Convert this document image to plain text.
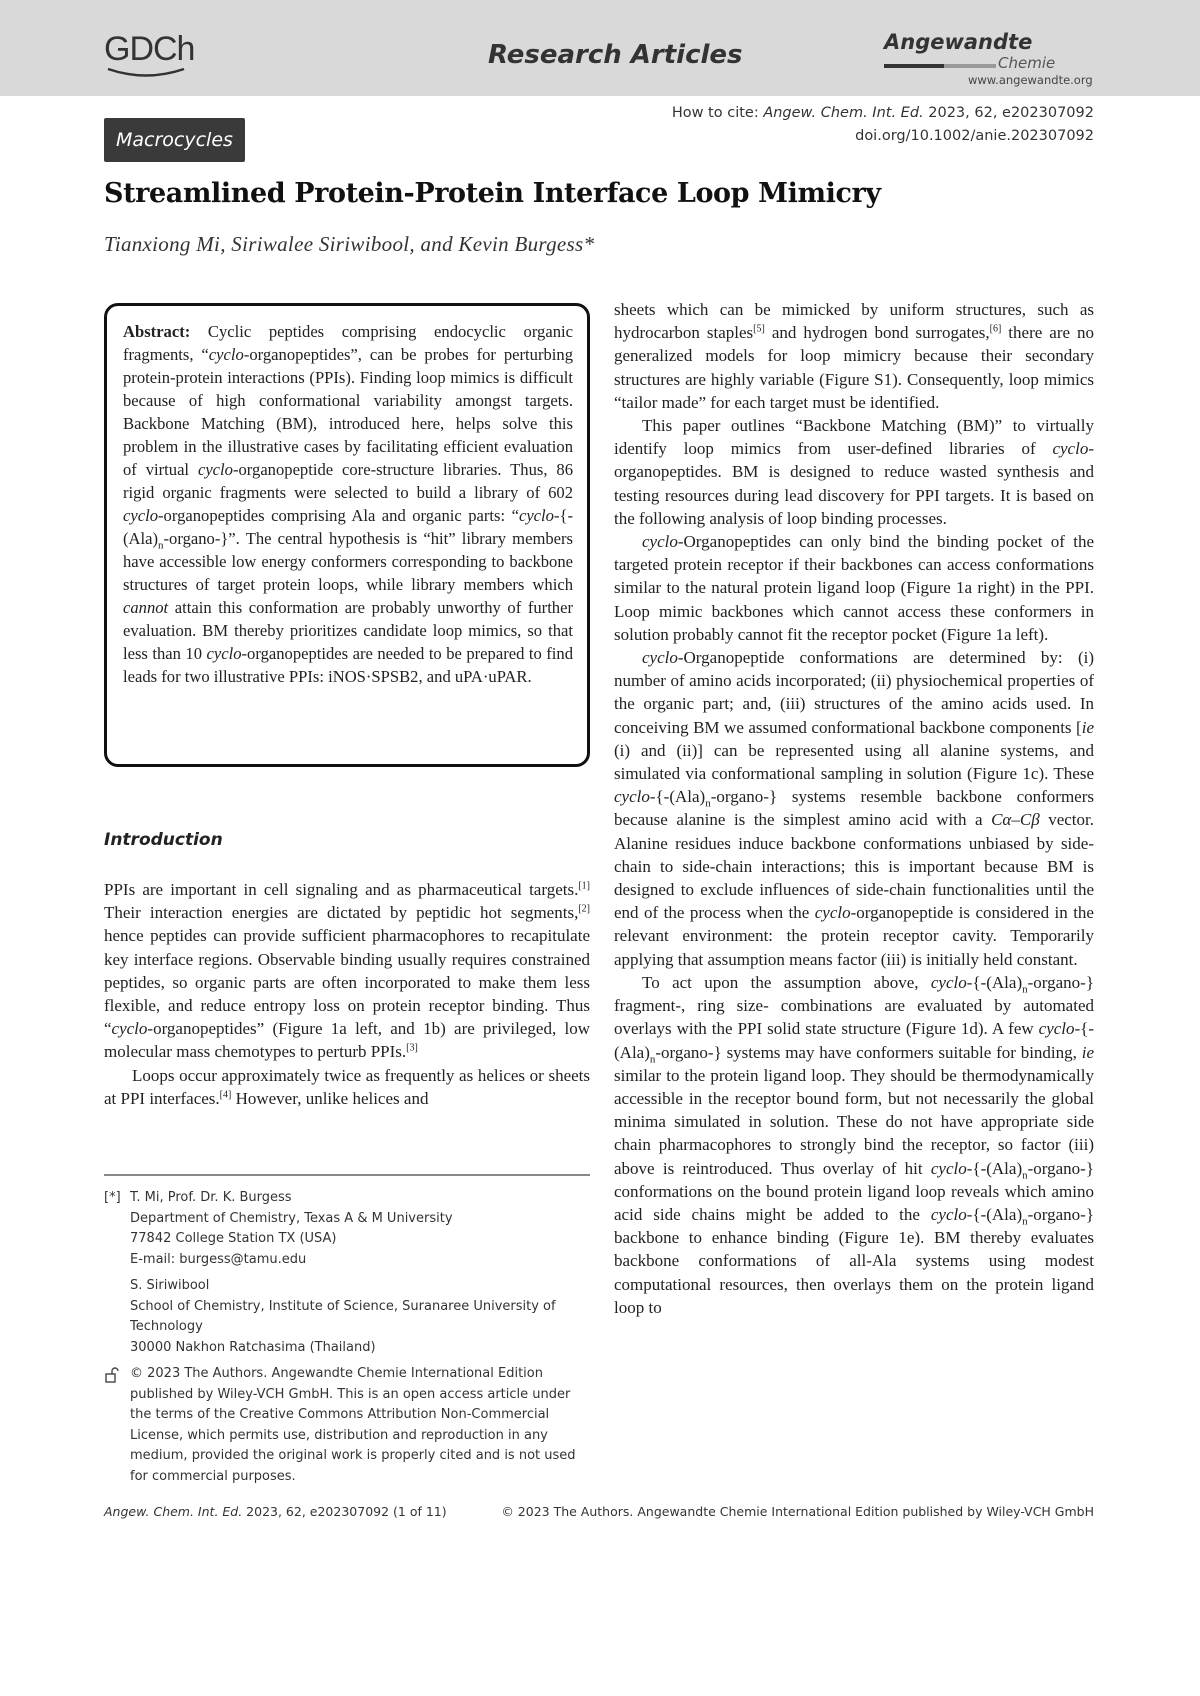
GDCh	Research Articles	Angewandte
Chemie
www.angewandte.org
Macrocycles
How to cite: Angew. Chem. Int. Ed. 2023, 62, e202307092
doi.org/10.1002/anie.202307092
Streamlined Protein-Protein Interface Loop Mimicry
Tianxiong Mi, Siriwalee Siriwibool, and Kevin Burgess*

Abstract: Cyclic peptides comprising endocyclic organic fragments, “cyclo-organopeptides”, can be probes for perturbing protein-protein interactions (PPIs). Finding loop mimics is difficult because of high conformational variability amongst targets. Backbone Matching (BM), introduced here, helps solve this problem in the illustrative cases by facilitating efficient evaluation of virtual cyclo-organopeptide core-structure libraries. Thus, 86 rigid organic fragments were selected to build a library of 602 cyclo-organopeptides comprising Ala and organic parts: “$cyclo-\{-(Ala)_n-organo-\}$”. The central hypothesis is “hit” library members have accessible low energy conformers corresponding to backbone structures of target protein loops, while library members which cannot attain this conformation are probably unworthy of further evaluation. BM thereby prioritizes candidate loop mimics, so that less than 10 cyclo-organopeptides are needed to be prepared to find leads for two illustrative PPIs: iNOS·SPSB2, and uPA·uPAR.

Introduction

PPIs are important in cell signaling and as pharmaceutical targets.[1] Their interaction energies are dictated by peptidic hot segments,[2] hence peptides can provide sufficient pharmacophores to recapitulate key interface regions. Observable binding usually requires constrained peptides, so organic parts are often incorporated to make them less flexible, and reduce entropy loss on protein receptor binding. Thus “cyclo-organopeptides” (Figure 1a left, and 1b) are privileged, low molecular mass chemotypes to perturb PPIs.[3]

Loops occur approximately twice as frequently as helices or sheets at PPI interfaces.[4] However, unlike helices and

[*] T. Mi, Prof. Dr. K. Burgess
Department of Chemistry, Texas A & M University
77842 College Station TX (USA)
E-mail: burgess@tamu.edu
S. Siriwibool
School of Chemistry, Institute of Science, Suranaree University of Technology
30000 Nakhon Ratchasima (Thailand)
© 2023 The Authors. Angewandte Chemie International Edition published by Wiley-VCH GmbH. This is an open access article under the terms of the Creative Commons Attribution Non-Commercial License, which permits use, distribution and reproduction in any medium, provided the original work is properly cited and is not used for commercial purposes.

sheets which can be mimicked by uniform structures, such as hydrocarbon staples[5] and hydrogen bond surrogates,[6] there are no generalized models for loop mimicry because their secondary structures are highly variable (Figure S1). Consequently, loop mimics “tailor made” for each target must be identified.

This paper outlines “Backbone Matching (BM)” to virtually identify loop mimics from user-defined libraries of cyclo-organopeptides. BM is designed to reduce wasted synthesis and testing resources during lead discovery for PPI targets. It is based on the following analysis of loop binding processes.

cyclo-Organopeptides can only bind the binding pocket of the targeted protein receptor if their backbones can access conformations similar to the natural protein ligand loop (Figure 1a right) in the PPI. Loop mimic backbones which cannot access these conformers in solution probably cannot fit the receptor pocket (Figure 1a left).

cyclo-Organopeptide conformations are determined by: (i) number of amino acids incorporated; (ii) physiochemical properties of the organic part; and, (iii) structures of the amino acids used. In conceiving BM we assumed conformational backbone components [ie (i) and (ii)] can be represented using all alanine systems, and simulated via conformational sampling in solution (Figure 1c). These cyclo-$\{-(Ala)_n-organo-\}$ systems resemble backbone conformers because alanine is the simplest amino acid with a Cα–Cβ vector. Alanine residues induce backbone conformations unbiased by side-chain to side-chain interactions; this is important because BM is designed to exclude influences of side-chain functionalities until the end of the process when the cyclo-organopeptide is considered in the relevant environment: the protein receptor cavity. Temporarily applying that assumption means factor (iii) is initially held constant.

To act upon the assumption above, cyclo-$\{-(Ala)_n-organo-\}$ fragment-, ring size- combinations are evaluated by automated overlays with the PPI solid state structure (Figure 1d). A few cyclo-$\{-(Ala)_n-organo-\}$ systems may have conformers suitable for binding, ie similar to the protein ligand loop. They should be thermodynamically accessible in the receptor bound form, but not necessarily the global minima simulated in solution. These do not have appropriate side chain pharmacophores to strongly bind the receptor, so factor (iii) above is reintroduced. Thus overlay of hit cyclo-$\{-(Ala)_n-organo-\}$ conformations on the bound protein ligand loop reveals which amino acid side chains might be added to the cyclo-$\{-(Ala)_n-organo-\}$ backbone to enhance binding (Figure 1e). BM thereby evaluates backbone conformations of all-Ala systems using modest computational resources, then overlays them on the protein ligand loop to

Angew. Chem. Int. Ed. 2023, 62, e202307092 (1 of 11)	© 2023 The Authors. Angewandte Chemie International Edition published by Wiley-VCH GmbH
